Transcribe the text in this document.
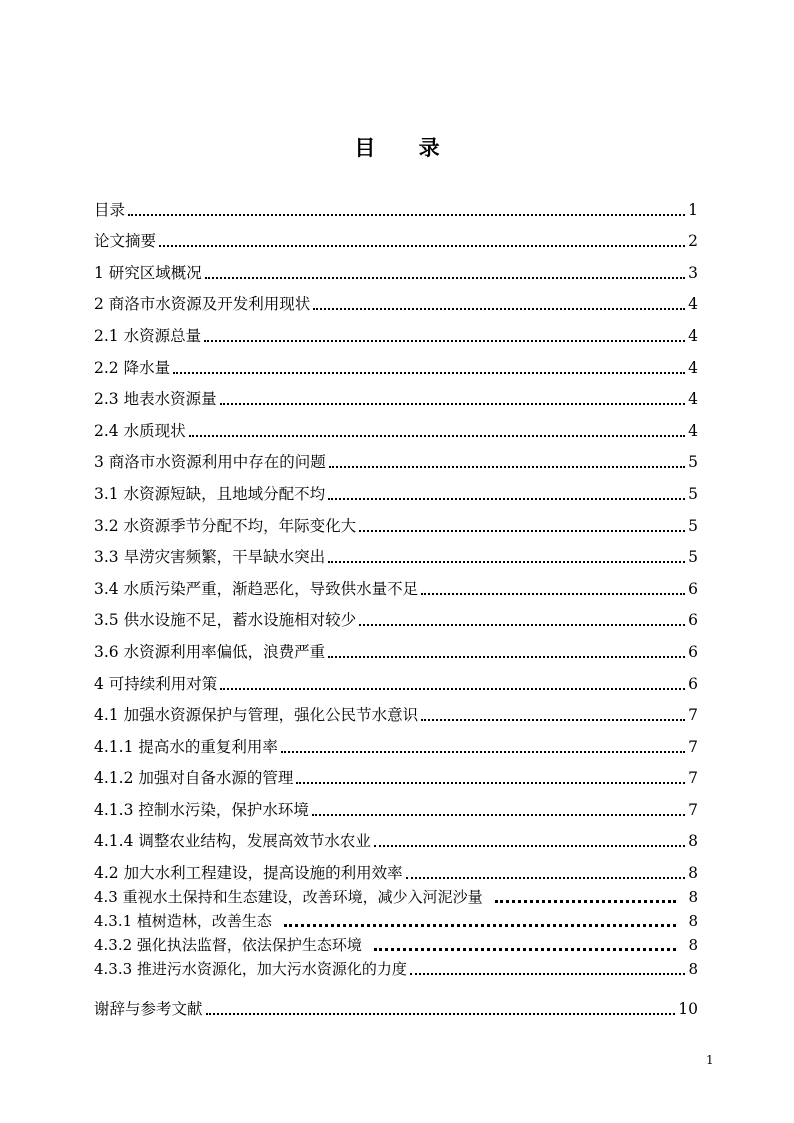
目 录
目录	1
论文摘要	2
1 研究区域概况	3
2 商洛市水资源及开发利用现状	4
2.1 水资源总量	4
2.2 降水量	4
2.3 地表水资源量	4
2.4 水质现状	4
3 商洛市水资源利用中存在的问题	5
3.1 水资源短缺，且地域分配不均	5
3.2 水资源季节分配不均，年际变化大	5
3.3 旱涝灾害频繁，干旱缺水突出	5
3.4 水质污染严重，渐趋恶化，导致供水量不足	6
3.5 供水设施不足，蓄水设施相对较少	6
3.6 水资源利用率偏低，浪费严重	6
4 可持续利用对策	6
4.1 加强水资源保护与管理，强化公民节水意识	7
4.1.1 提高水的重复利用率	7
4.1.2 加强对自备水源的管理	7
4.1.3 控制水污染，保护水环境	7
4.1.4 调整农业结构，发展高效节水农业	8
4.2 加大水利工程建设，提高设施的利用效率	8
4.3 重视水土保持和生态建设，改善环境，减少入河泥沙量	8
4.3.1 植树造林，改善生态	8
4.3.2 强化执法监督，依法保护生态环境	8
4.3.3 推进污水资源化，加大污水资源化的力度	8
谢辞与参考文献	10
1
